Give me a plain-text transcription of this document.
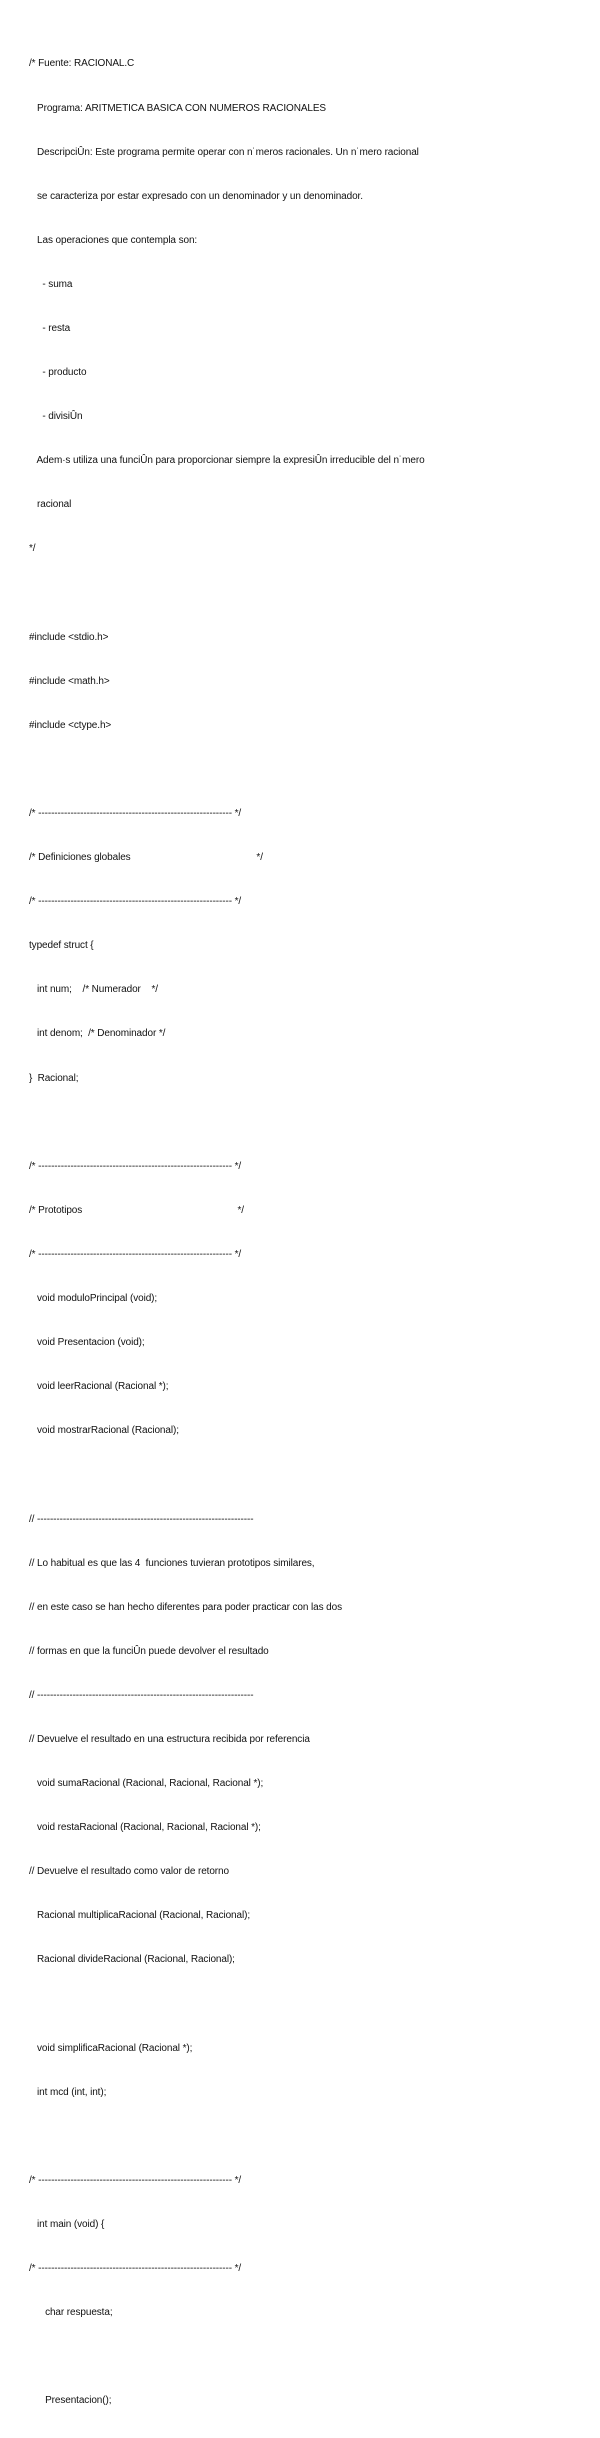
/* Fuente: RACIONAL.C

Programa: ARITMETICA BASICA CON NUMEROS RACIONALES

DescripciÛn: Este programa permite operar con n˙meros racionales. Un n˙mero racional

se caracteriza por estar expresado con un denominador y un denominador.

Las operaciones que contempla son:

- suma

- resta

- producto

- divisiÛn

Adem·s utiliza una funciÛn para proporcionar siempre la expresiÛn irreducible del n˙mero

racional

*/

#include <stdio.h>

#include <math.h>

#include <ctype.h>

/* ------------------------------------------------------------ */

/* Definiciones globales                                               */

/* ------------------------------------------------------------ */

typedef struct {

int num;    /* Numerador    */

int denom;  /* Denominador */

}  Racional;

/* ------------------------------------------------------------ */

/* Prototipos                                                          */

/* ------------------------------------------------------------ */

void moduloPrincipal (void);

void Presentacion (void);

void leerRacional (Racional *);

void mostrarRacional (Racional);

// -------------------------------------------------------------------

// Lo habitual es que las 4  funciones tuvieran prototipos similares,

// en este caso se han hecho diferentes para poder practicar con las dos

// formas en que la funciÛn puede devolver el resultado

// -------------------------------------------------------------------

// Devuelve el resultado en una estructura recibida por referencia

void sumaRacional (Racional, Racional, Racional *);

void restaRacional (Racional, Racional, Racional *);

// Devuelve el resultado como valor de retorno

Racional multiplicaRacional (Racional, Racional);

Racional divideRacional (Racional, Racional);

void simplificaRacional (Racional *);

int mcd (int, int);

/* ------------------------------------------------------------ */

int main (void) {

/* ------------------------------------------------------------ */

char respuesta;

Presentacion();
